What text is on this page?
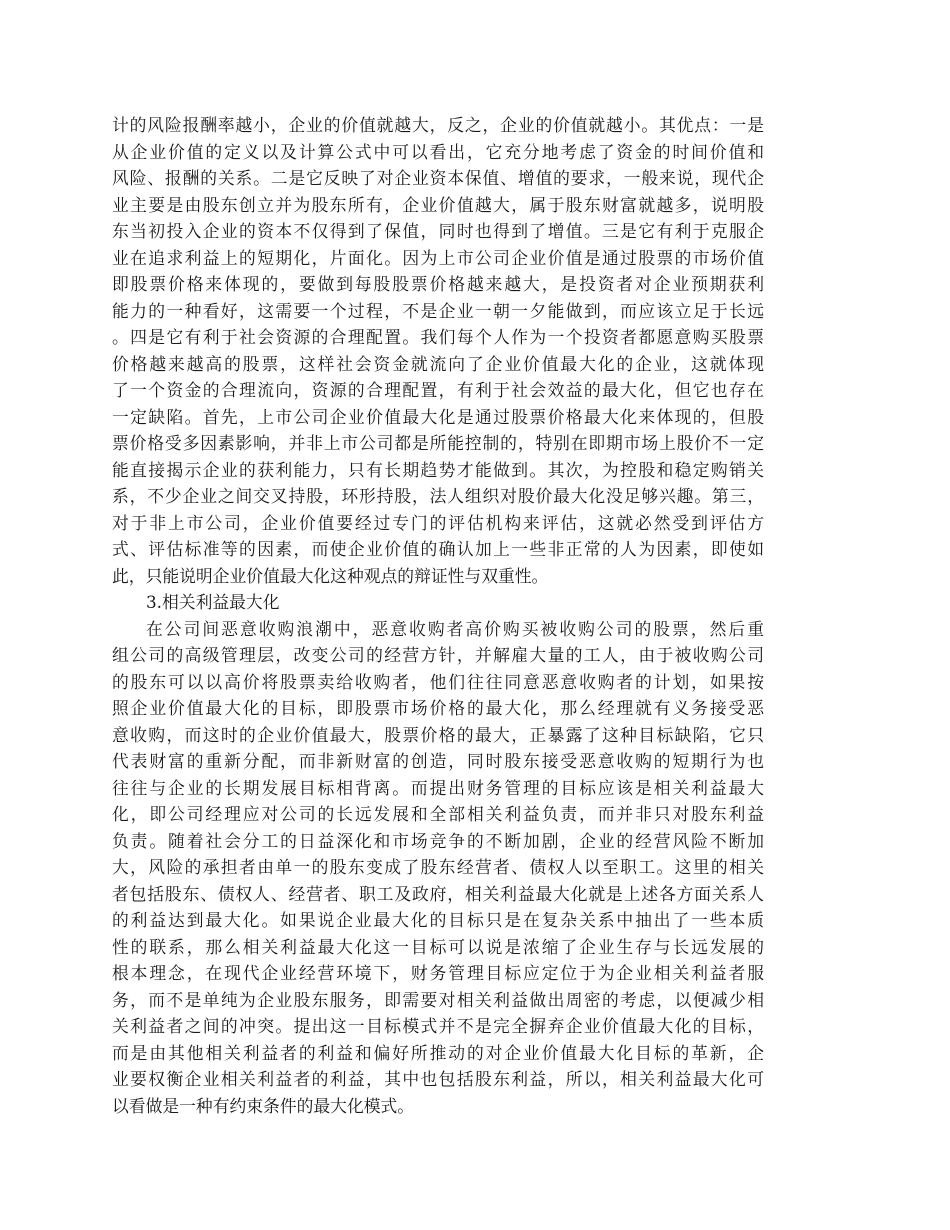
计的风险报酬率越小，企业的价值就越大，反之，企业的价值就越小。其优点：一是
从企业价值的定义以及计算公式中可以看出，它充分地考虑了资金的时间价值和
风险、报酬的关系。二是它反映了对企业资本保值、增值的要求，一般来说，现代企
业主要是由股东创立并为股东所有，企业价值越大，属于股东财富就越多，说明股
东当初投入企业的资本不仅得到了保值，同时也得到了增值。三是它有利于克服企
业在追求利益上的短期化，片面化。因为上市公司企业价值是通过股票的市场价值
即股票价格来体现的，要做到每股股票价格越来越大，是投资者对企业预期获利
能力的一种看好，这需要一个过程，不是企业一朝一夕能做到，而应该立足于长远
。四是它有利于社会资源的合理配置。我们每个人作为一个投资者都愿意购买股票
价格越来越高的股票，这样社会资金就流向了企业价值最大化的企业，这就体现
了一个资金的合理流向，资源的合理配置，有利于社会效益的最大化，但它也存在
一定缺陷。首先，上市公司企业价值最大化是通过股票价格最大化来体现的，但股
票价格受多因素影响，并非上市公司都是所能控制的，特别在即期市场上股价不一定
能直接揭示企业的获利能力，只有长期趋势才能做到。其次，为控股和稳定购销关
系，不少企业之间交叉持股，环形持股，法人组织对股价最大化没足够兴趣。第三，
对于非上市公司，企业价值要经过专门的评估机构来评估，这就必然受到评估方
式、评估标准等的因素，而使企业价值的确认加上一些非正常的人为因素，即使如
此，只能说明企业价值最大化这种观点的辩证性与双重性。
3.相关利益最大化
在公司间恶意收购浪潮中，恶意收购者高价购买被收购公司的股票，然后重
组公司的高级管理层，改变公司的经营方针，并解雇大量的工人，由于被收购公司
的股东可以以高价将股票卖给收购者，他们往往同意恶意收购者的计划，如果按
照企业价值最大化的目标，即股票市场价格的最大化，那么经理就有义务接受恶
意收购，而这时的企业价值最大，股票价格的最大，正暴露了这种目标缺陷，它只
代表财富的重新分配，而非新财富的创造，同时股东接受恶意收购的短期行为也
往往与企业的长期发展目标相背离。而提出财务管理的目标应该是相关利益最大
化，即公司经理应对公司的长远发展和全部相关利益负责，而并非只对股东利益
负责。随着社会分工的日益深化和市场竞争的不断加剧，企业的经营风险不断加
大，风险的承担者由单一的股东变成了股东经营者、债权人以至职工。这里的相关
者包括股东、债权人、经营者、职工及政府，相关利益最大化就是上述各方面关系人
的利益达到最大化。如果说企业最大化的目标只是在复杂关系中抽出了一些本质
性的联系，那么相关利益最大化这一目标可以说是浓缩了企业生存与长远发展的
根本理念，在现代企业经营环境下，财务管理目标应定位于为企业相关利益者服
务，而不是单纯为企业股东服务，即需要对相关利益做出周密的考虑，以便减少相
关利益者之间的冲突。提出这一目标模式并不是完全摒弃企业价值最大化的目标，
而是由其他相关利益者的利益和偏好所推动的对企业价值最大化目标的革新，企
业要权衡企业相关利益者的利益，其中也包括股东利益，所以，相关利益最大化可
以看做是一种有约束条件的最大化模式。
